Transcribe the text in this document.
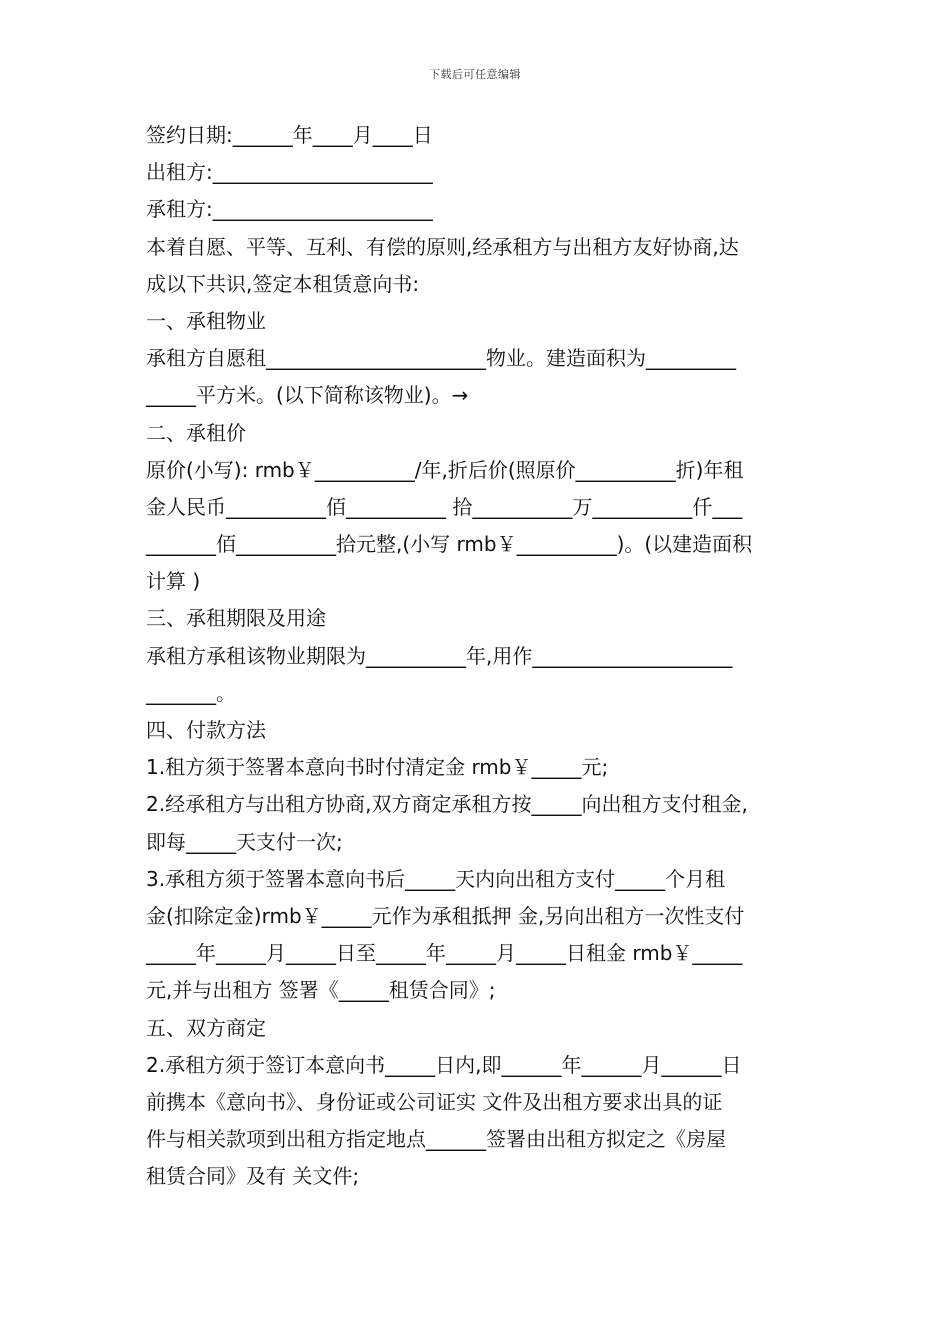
下载后可任意编辑
签约日期:______年____月____日
出租方:______________________
承租方:______________________
本着自愿、平等、互利、有偿的原则,经承租方与出租方友好协商,达
成以下共识,签定本租赁意向书:
一、承租物业
承租方自愿租______________________物业。建造面积为_________
_____平方米。(以下简称该物业)。→
二、承租价
原价(小写): rmb￥__________/年,折后价(照原价__________折)年租
金人民币__________佰__________ 拾__________万__________仟___
_______佰__________拾元整,(小写 rmb￥__________)。(以建造面积
计算 )
三、承租期限及用途
承租方承租该物业期限为__________年,用作____________________
_______。
四、付款方法
1.租方须于签署本意向书时付清定金 rmb￥_____元;
2.经承租方与出租方协商,双方商定承租方按_____向出租方支付租金,
即每_____天支付一次;
3.承租方须于签署本意向书后_____天内向出租方支付_____个月租
金(扣除定金)rmb￥_____元作为承租抵押 金,另向出租方一次性支付
_____年_____月_____日至_____年_____月_____日租金 rmb￥_____
元,并与出租方 签署《_____租赁合同》;
五、双方商定
2.承租方须于签订本意向书_____日内,即______年______月______日
前携本《意向书》、身份证或公司证实 文件及出租方要求出具的证
件与相关款项到出租方指定地点______签署由出租方拟定之《房屋
租赁合同》及有 关文件;
